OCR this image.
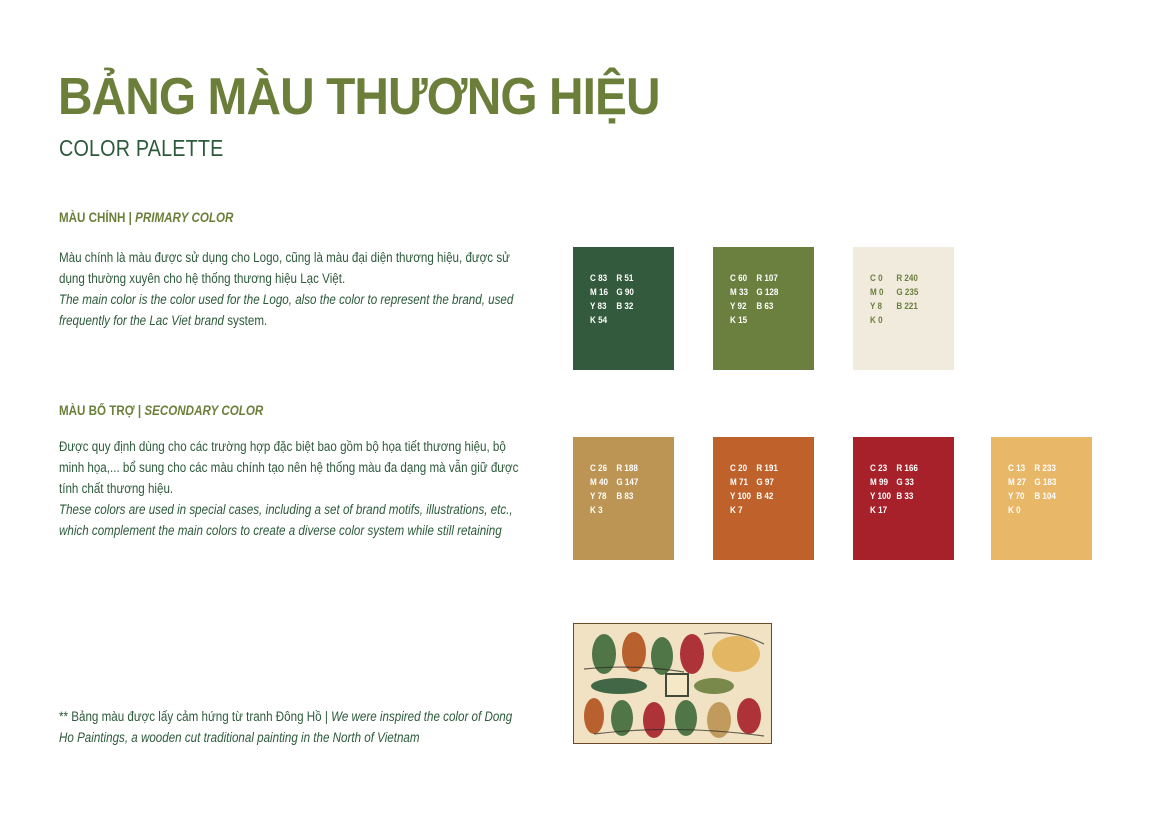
BẢNG MÀU THƯƠNG HIỆU
COLOR PALETTE
MÀU CHÍNH | PRIMARY COLOR

Màu chính là màu được sử dụng cho Logo, cũng là màu đại diện thương hiệu, được sử dụng thường xuyên cho hệ thống thương hiệu Lạc Việt.

The main color is the color used for the Logo, also the color to represent the brand, used frequently for the Lac Viet brand system.

C 83 R 51
M 16 G 90
Y 83	B 32
K 54
C 60 R 107
M 33 G 128
Y 92	B 63
K 15
C 0	R 240
M 0	G 235
Y 8	B 221
K 0
MÀU BỔ TRỢ | SECONDARY COLOR

Được quy định dùng cho các trường hợp đặc biệt bao gồm bộ họa tiết thương hiệu, bộ minh họa,... bổ sung cho các màu chính tạo nên hệ thống màu đa dạng mà vẫn giữ được tính chất thương hiệu.

These colors are used in special cases, including a set of brand motifs, illustrations, etc., which complement the main colors to create a diverse color system while still retaining

C 26 R 188
M 40 G 147
Y 78	B 83
K 3
C 20 R 191
M 71 G 97
Y 100 B 42
K 7
C 23 R 166
M 99 G 33
Y 100 B 33
K 17
C 13 R 233
M 27 G 183
Y 70	B 104
K 0
** Bảng màu được lấy cảm hứng từ tranh Đông Hồ | We were inspired the color of Dong Ho Paintings, a wooden cut traditional painting in the North of Vietnam
